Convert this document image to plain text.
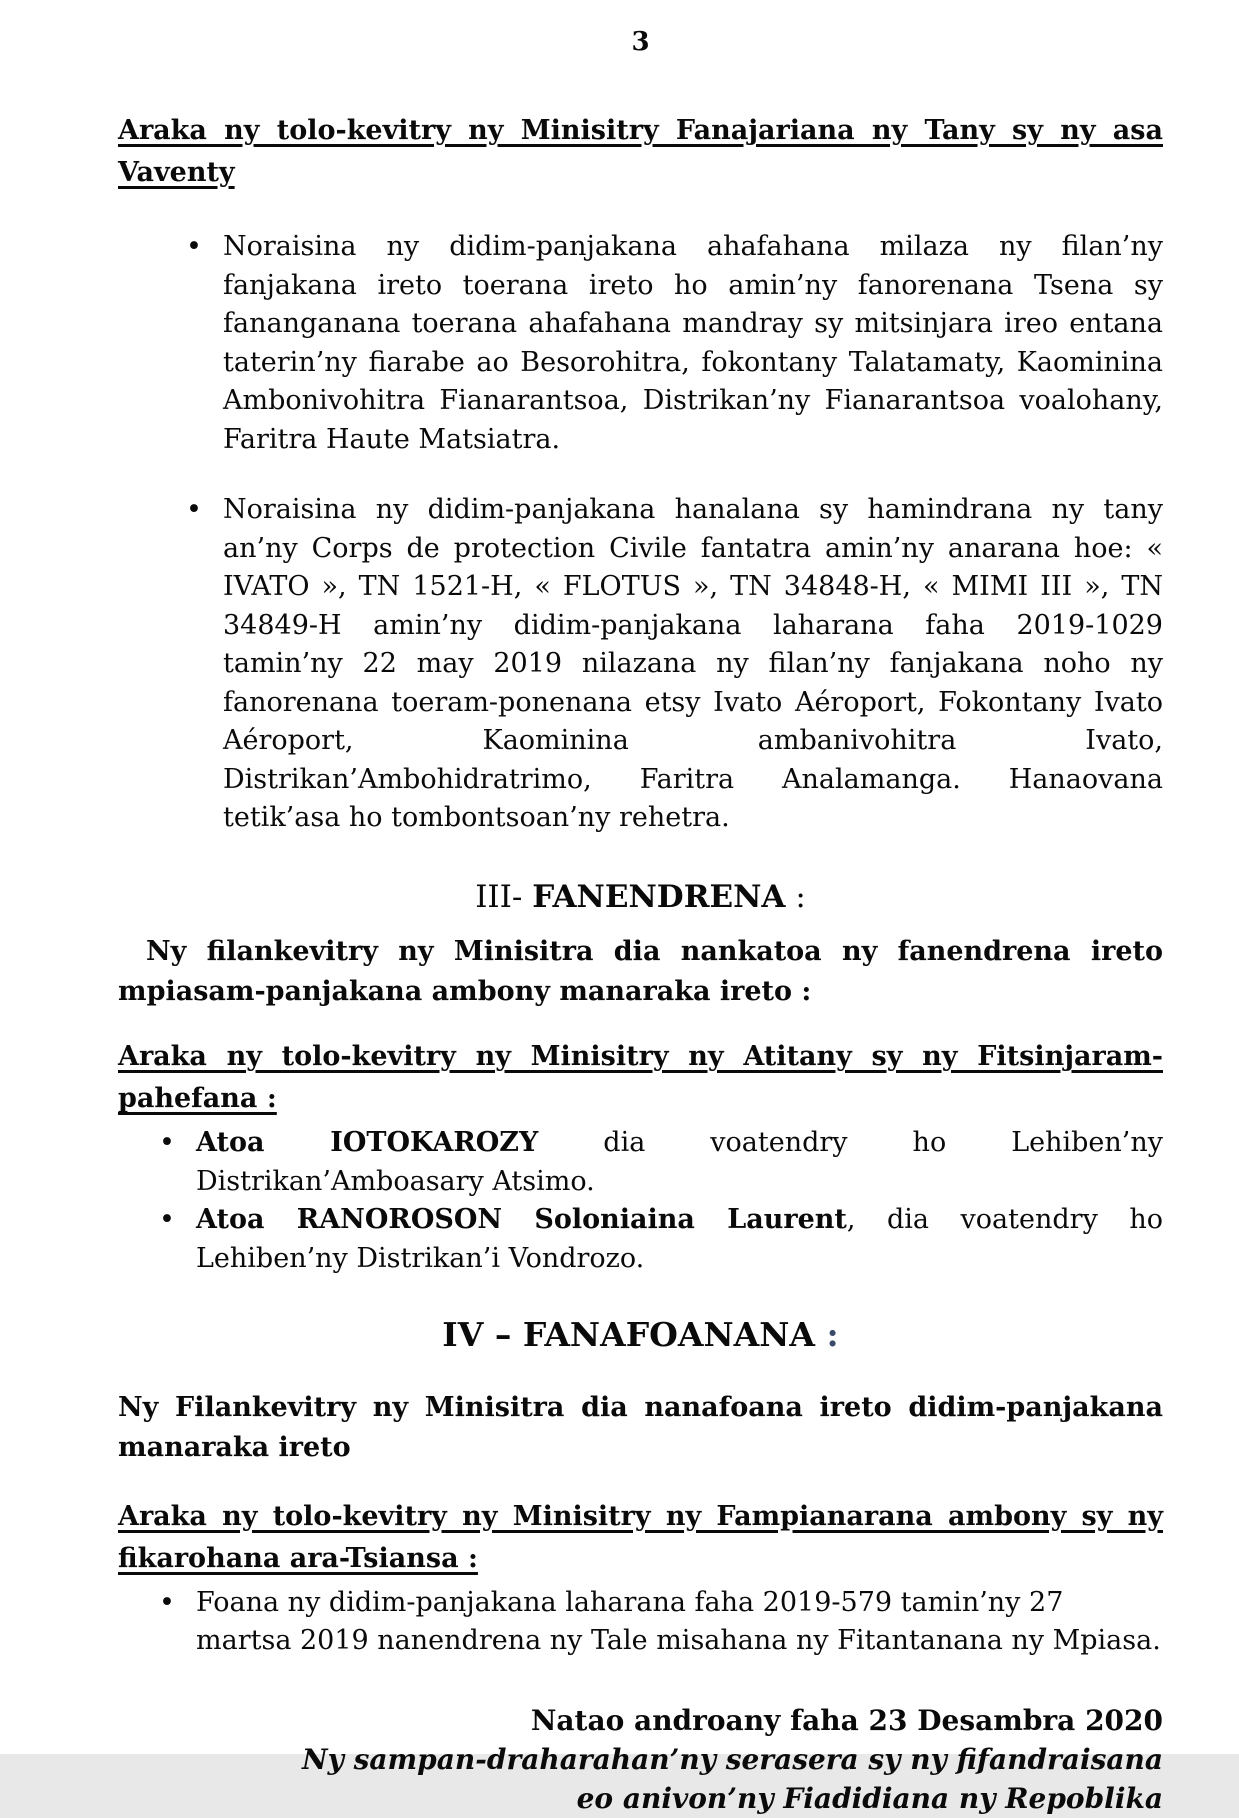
3
Araka ny tolo-kevitry ny Minisitry Fanajariana ny Tany sy ny asa Vaventy
• Noraisina ny didim-panjakana ahafahana milaza ny filan’ny fanjakana ireto toerana ireto ho amin’ny fanorenana Tsena sy fananganana toerana ahafahana mandray sy mitsinjara ireo entana taterin’ny fiarabe ao Besorohitra, fokontany Talatamaty, Kaominina Ambonivohitra Fianarantsoa, Distrikan’ny Fianarantsoa voalohany, Faritra Haute Matsiatra.
• Noraisina ny didim-panjakana hanalana sy hamindrana ny tany an’ny Corps de protection Civile fantatra amin’ny anarana hoe: « IVATO », TN 1521-H, « FLOTUS », TN 34848-H, « MIMI III », TN 34849-H amin’ny didim-panjakana laharana faha 2019-1029 tamin’ny 22 may 2019 nilazana ny filan’ny fanjakana noho ny fanorenana toeram-ponenana etsy Ivato Aéroport, Fokontany Ivato Aéroport, Kaominina ambanivohitra Ivato, Distrikan’Ambohidratrimo, Faritra Analamanga. Hanaovana tetik’asa ho tombontsoan’ny rehetra.
III- FANENDRENA :

Ny filankevitry ny Minisitra dia nankatoa ny fanendrena ireto mpiasam-panjakana ambony manaraka ireto :

Araka ny tolo-kevitry ny Minisitry ny Atitany sy ny Fitsinjaram-pahefana :
• Atoa IOTOKAROZY dia voatendry ho Lehiben’ny Distrikan’Amboasary Atsimo.
• Atoa RANOROSON Soloniaina Laurent, dia voatendry ho Lehiben’ny Distrikan’i Vondrozo.
IV – FANAFOANANA :

Ny Filankevitry ny Minisitra dia nanafoana ireto didim-panjakana manaraka ireto

Araka ny tolo-kevitry ny Minisitry ny Fampianarana ambony sy ny fikarohana ara-Tsiansa :
• Foana ny didim-panjakana laharana faha 2019-579 tamin’ny 27 martsa 2019 nanendrena ny Tale misahana ny Fitantanana ny Mpiasa.
Natao androany faha 23 Desambra 2020
Ny sampan-draharahan’ny serasera sy ny fifandraisana
eo anivon’ny Fiadidiana ny Repoblika
